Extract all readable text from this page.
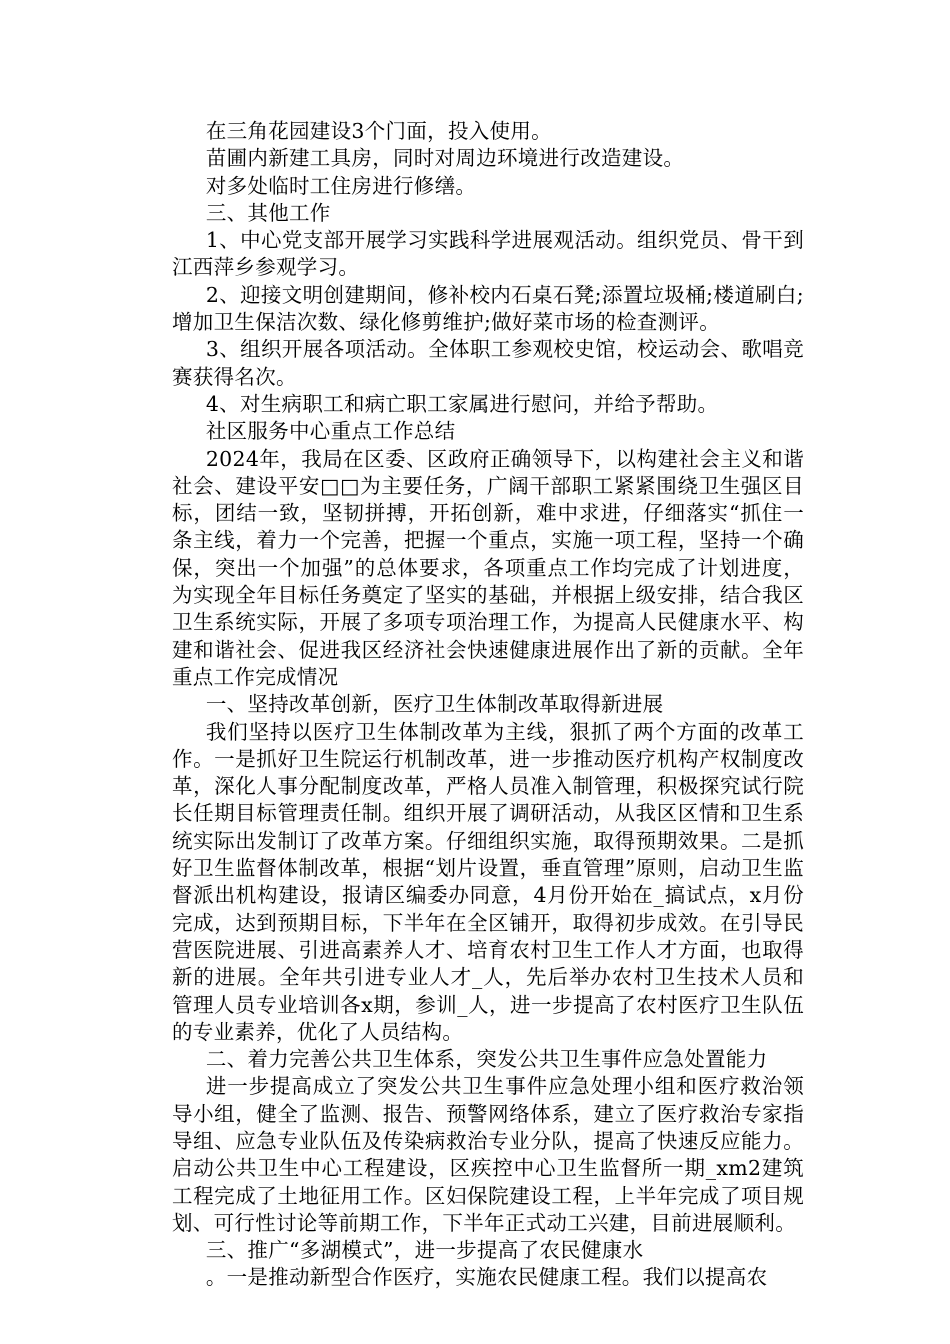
在三角花园建设3个门面，投入使用。

苗圃内新建工具房，同时对周边环境进行改造建设。

对多处临时工住房进行修缮。

三、其他工作

1、中心党支部开展学习实践科学进展观活动。组织党员、骨干到江西萍乡参观学习。

2、迎接文明创建期间，修补校内石桌石凳;添置垃圾桶;楼道刷白;增加卫生保洁次数、绿化修剪维护;做好菜市场的检查测评。

3、组织开展各项活动。全体职工参观校史馆，校运动会、歌唱竞赛获得名次。

4、对生病职工和病亡职工家属进行慰问，并给予帮助。

社区服务中心重点工作总结

2024年，我局在区委、区政府正确领导下，以构建社会主义和谐社会、建设平安□□为主要任务，广阔干部职工紧紧围绕卫生强区目标，团结一致，坚韧拼搏，开拓创新，难中求进，仔细落实“抓住一条主线，着力一个完善，把握一个重点，实施一项工程，坚持一个确保，突出一个加强”的总体要求，各项重点工作均完成了计划进度，为实现全年目标任务奠定了坚实的基础，并根据上级安排，结合我区卫生系统实际，开展了多项专项治理工作，为提高人民健康水平、构建和谐社会、促进我区经济社会快速健康进展作出了新的贡献。全年重点工作完成情况

一、坚持改革创新，医疗卫生体制改革取得新进展

我们坚持以医疗卫生体制改革为主线，狠抓了两个方面的改革工作。一是抓好卫生院运行机制改革，进一步推动医疗机构产权制度改革，深化人事分配制度改革，严格人员准入制管理，积极探究试行院长任期目标管理责任制。组织开展了调研活动，从我区区情和卫生系统实际出发制订了改革方案。仔细组织实施，取得预期效果。二是抓好卫生监督体制改革，根据“划片设置，垂直管理”原则，启动卫生监督派出机构建设，报请区编委办同意，4月份开始在_搞试点，x月份完成，达到预期目标，下半年在全区铺开，取得初步成效。在引导民营医院进展、引进高素养人才、培育农村卫生工作人才方面，也取得新的进展。全年共引进专业人才_人，先后举办农村卫生技术人员和管理人员专业培训各x期，参训_人，进一步提高了农村医疗卫生队伍的专业素养，优化了人员结构。

二、着力完善公共卫生体系，突发公共卫生事件应急处置能力

进一步提高成立了突发公共卫生事件应急处理小组和医疗救治领导小组，健全了监测、报告、预警网络体系，建立了医疗救治专家指导组、应急专业队伍及传染病救治专业分队，提高了快速反应能力。启动公共卫生中心工程建设，区疾控中心卫生监督所一期_xm2建筑工程完成了土地征用工作。区妇保院建设工程，上半年完成了项目规划、可行性讨论等前期工作，下半年正式动工兴建，目前进展顺利。

三、推广“多湖模式”，进一步提高了农民健康水

。一是推动新型合作医疗，实施农民健康工程。我们以提高农
